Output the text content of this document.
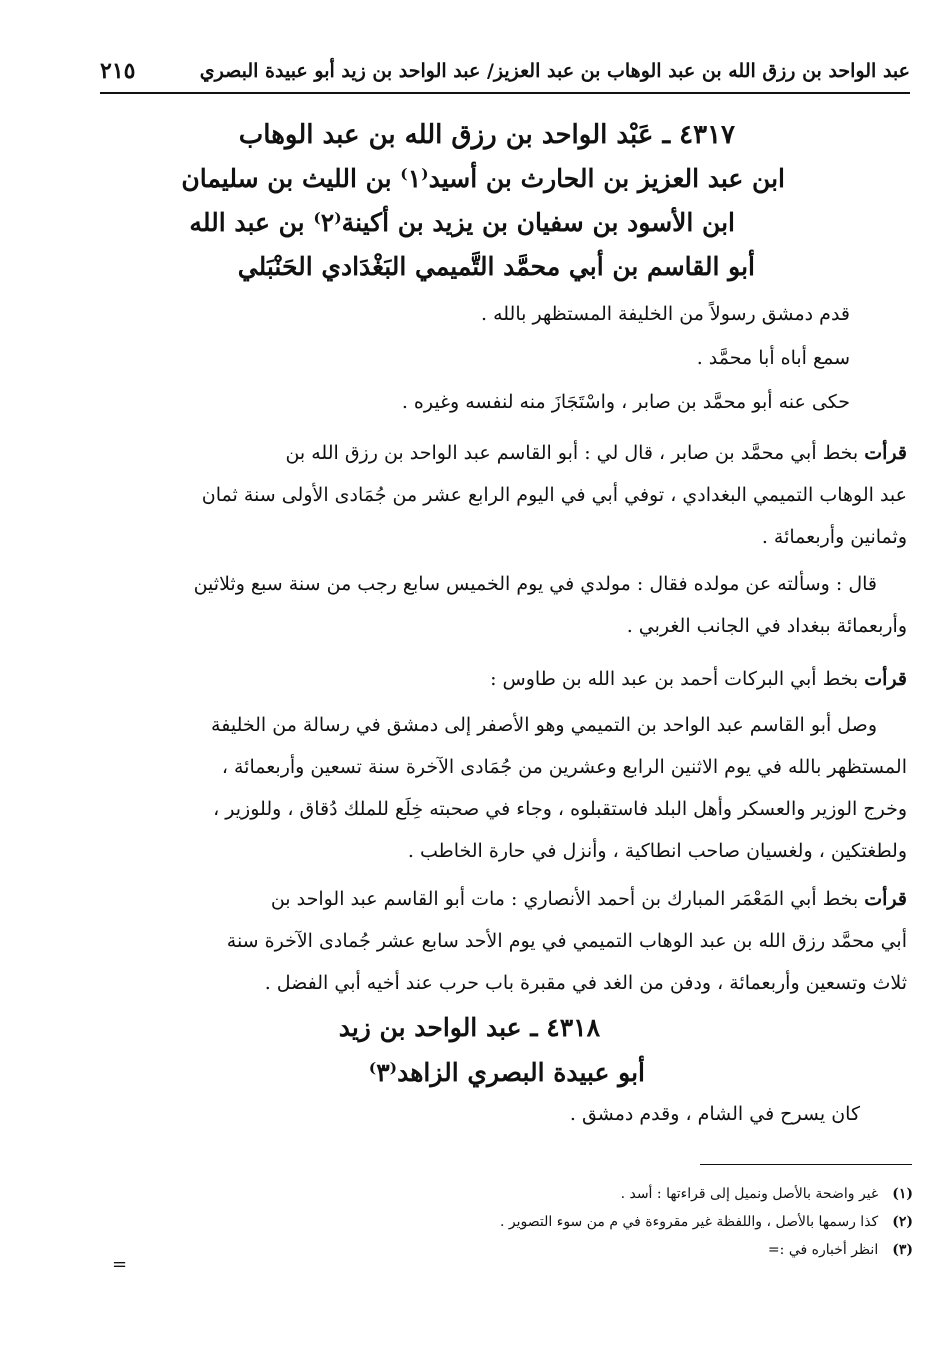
عبد الواحد بن رزق الله بن عبد الوهاب بن عبد العزيز/ عبد الواحد بن زيد أبو عبيدة البصري
٢١٥
٤٣١٧ ـ عَبْد الواحد بن رزق الله بن عبد الوهاب
ابن عبد العزيز بن الحارث بن أسيد⁽١⁾ بن الليث بن سليمان
ابن الأسود بن سفيان بن يزيد بن أكينة⁽٢⁾ بن عبد الله
أبو القاسم بن أبي محمَّد التَّميمي البَغْدَادي الحَنْبَلي
قدم دمشق رسولاً من الخليفة المستظهر بالله .
سمع أباه أبا محمَّد .
حكى عنه أبو محمَّد بن صابر ، واسْتَجَازَ منه لنفسه وغيره .
قرأت بخط أبي محمَّد بن صابر ، قال لي : أبو القاسم عبد الواحد بن رزق الله بن
عبد الوهاب التميمي البغدادي ، توفي أبي في اليوم الرابع عشر من جُمَادى الأولى سنة ثمان
وثمانين وأربعمائة .
قال : وسألته عن مولده فقال : مولدي في يوم الخميس سابع رجب من سنة سبع وثلاثين
وأربعمائة ببغداد في الجانب الغربي .
قرأت بخط أبي البركات أحمد بن عبد الله بن طاوس :
وصل أبو القاسم عبد الواحد بن التميمي وهو الأصفر إلى دمشق في رسالة من الخليفة
المستظهر بالله في يوم الاثنين الرابع وعشرين من جُمَادى الآخرة سنة تسعين وأربعمائة ،
وخرج الوزير والعسكر وأهل البلد فاستقبلوه ، وجاء في صحبته خِلَع للملك دُقاق ، وللوزير ،
ولطغتكين ، ولغسيان صاحب انطاكية ، وأنزل في حارة الخاطب .
قرأت بخط أبي المَعْمَر المبارك بن أحمد الأنصاري : مات أبو القاسم عبد الواحد بن
أبي محمَّد رزق الله بن عبد الوهاب التميمي في يوم الأحد سابع عشر جُمادى الآخرة سنة
ثلاث وتسعين وأربعمائة ، ودفن من الغد في مقبرة باب حرب عند أخيه أبي الفضل .
٤٣١٨ ـ عبد الواحد بن زيد
أبو عبيدة البصري الزاهد⁽٣⁾
كان يسرح في الشام ، وقدم دمشق .
(١)غير واضحة بالأصل ونميل إلى قراءتها : أسد .
(٢)كذا رسمها بالأصل ، واللفظة غير مقروءة في م من سوء التصوير .
(٣)انظر أخباره في :=
=
